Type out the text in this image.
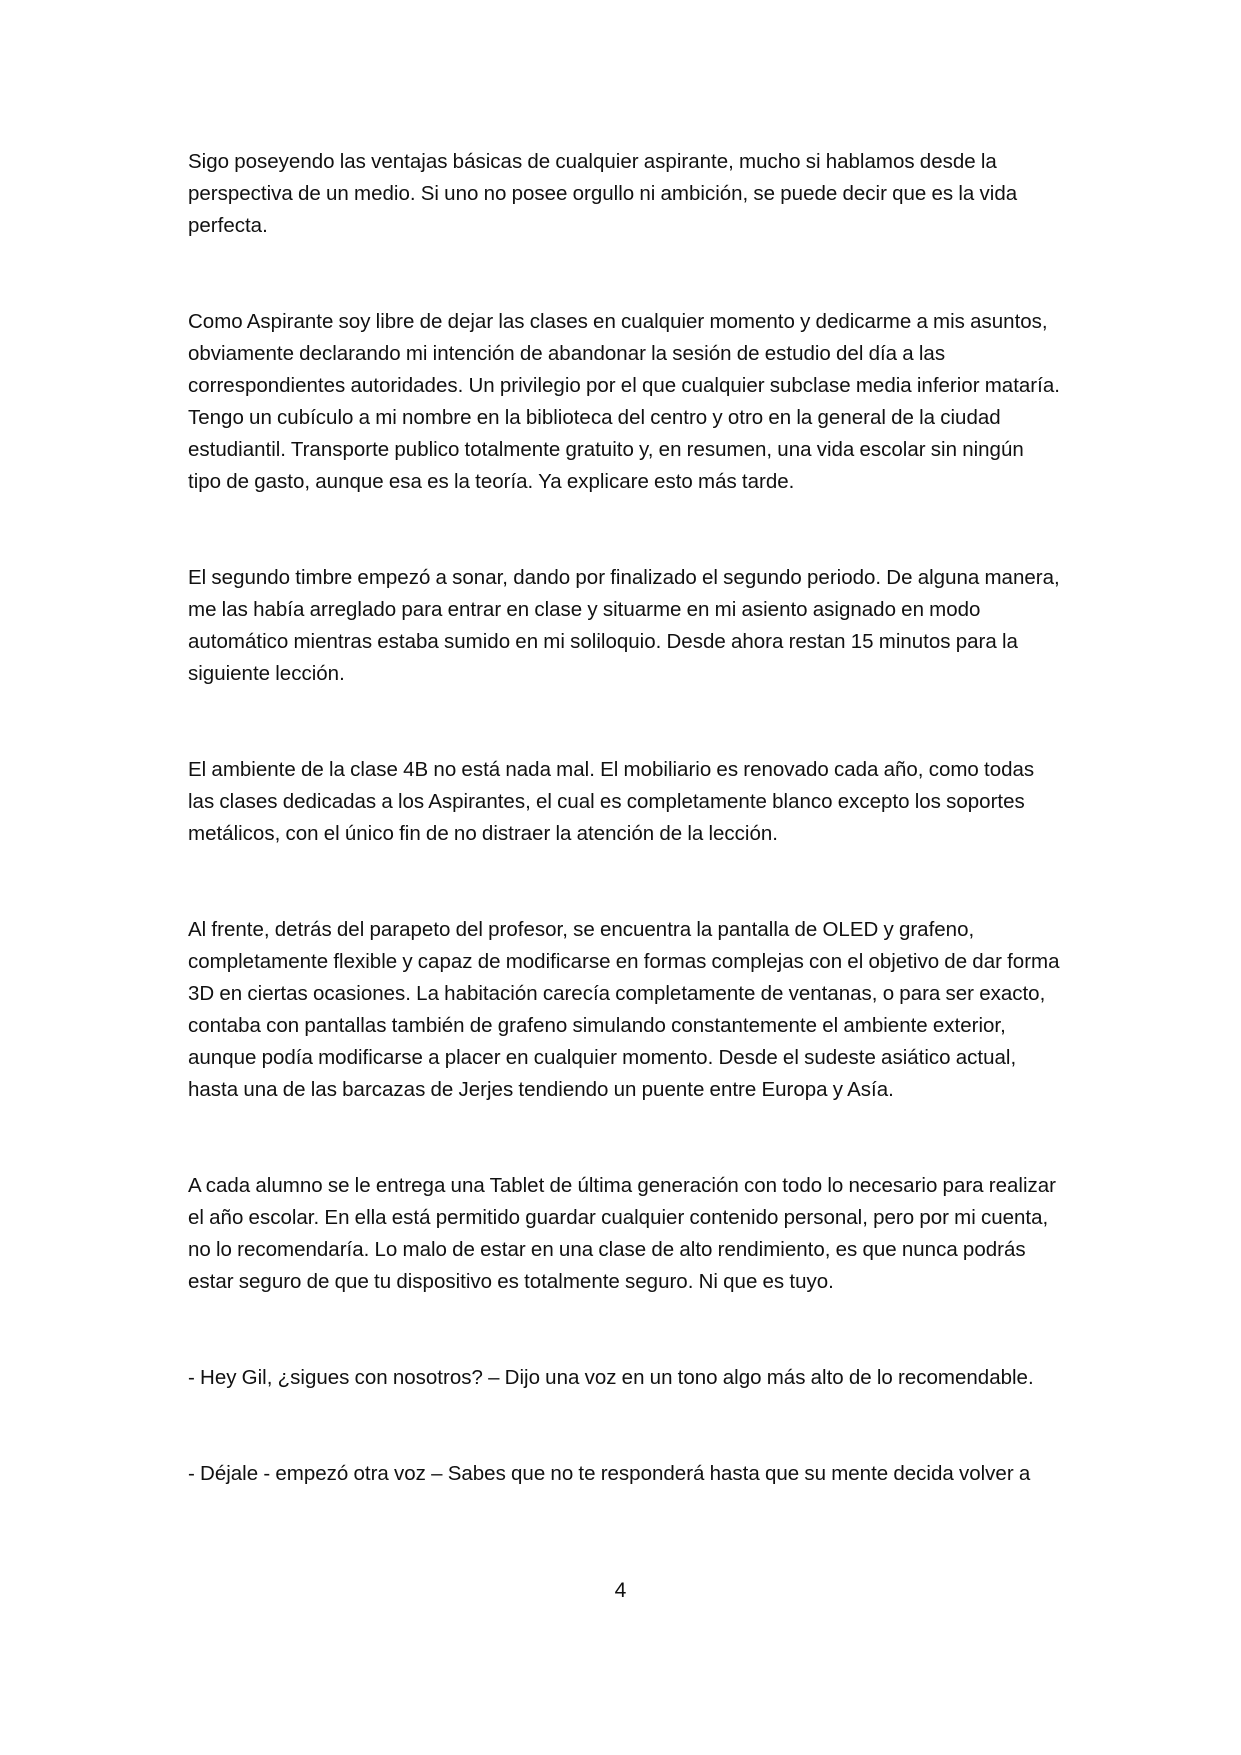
Sigo poseyendo las ventajas básicas de cualquier aspirante, mucho si hablamos desde la perspectiva de un medio. Si uno no posee orgullo ni ambición, se puede decir que es la vida perfecta.

Como Aspirante soy libre de dejar las clases en cualquier momento y dedicarme a mis asuntos, obviamente declarando mi intención de abandonar la sesión de estudio del día a las correspondientes autoridades. Un privilegio por el que cualquier subclase media inferior mataría. Tengo un cubículo a mi nombre en la biblioteca del centro y otro en la general de la ciudad estudiantil. Transporte publico totalmente gratuito y, en resumen, una vida escolar sin ningún tipo de gasto, aunque esa es la teoría. Ya explicare esto más tarde.

El segundo timbre empezó a sonar, dando por finalizado el segundo periodo. De alguna manera, me las había arreglado para entrar en clase y situarme en mi asiento asignado en modo automático mientras estaba sumido en mi soliloquio. Desde ahora restan 15 minutos para la siguiente lección.

El ambiente de la clase 4B no está nada mal. El mobiliario es renovado cada año, como todas las clases dedicadas a los Aspirantes, el cual es completamente blanco excepto los soportes metálicos, con el único fin de no distraer la atención de la lección.

Al frente, detrás del parapeto del profesor, se encuentra la pantalla de OLED y grafeno, completamente flexible y capaz de modificarse en formas complejas con el objetivo de dar forma 3D en ciertas ocasiones. La habitación carecía completamente de ventanas, o para ser exacto, contaba con pantallas también de grafeno simulando constantemente el ambiente exterior, aunque podía modificarse a placer en cualquier momento. Desde el sudeste asiático actual, hasta una de las barcazas de Jerjes tendiendo un puente entre Europa y Asía.

A cada alumno se le entrega una Tablet de última generación con todo lo necesario para realizar el año escolar. En ella está permitido guardar cualquier contenido personal, pero por mi cuenta, no lo recomendaría. Lo malo de estar en una clase de alto rendimiento, es que nunca podrás estar seguro de que tu dispositivo es totalmente seguro. Ni que es tuyo.

- Hey Gil, ¿sigues con nosotros? – Dijo una voz en un tono algo más alto de lo recomendable.

- Déjale - empezó otra voz – Sabes que no te responderá hasta que su mente decida volver a

4
